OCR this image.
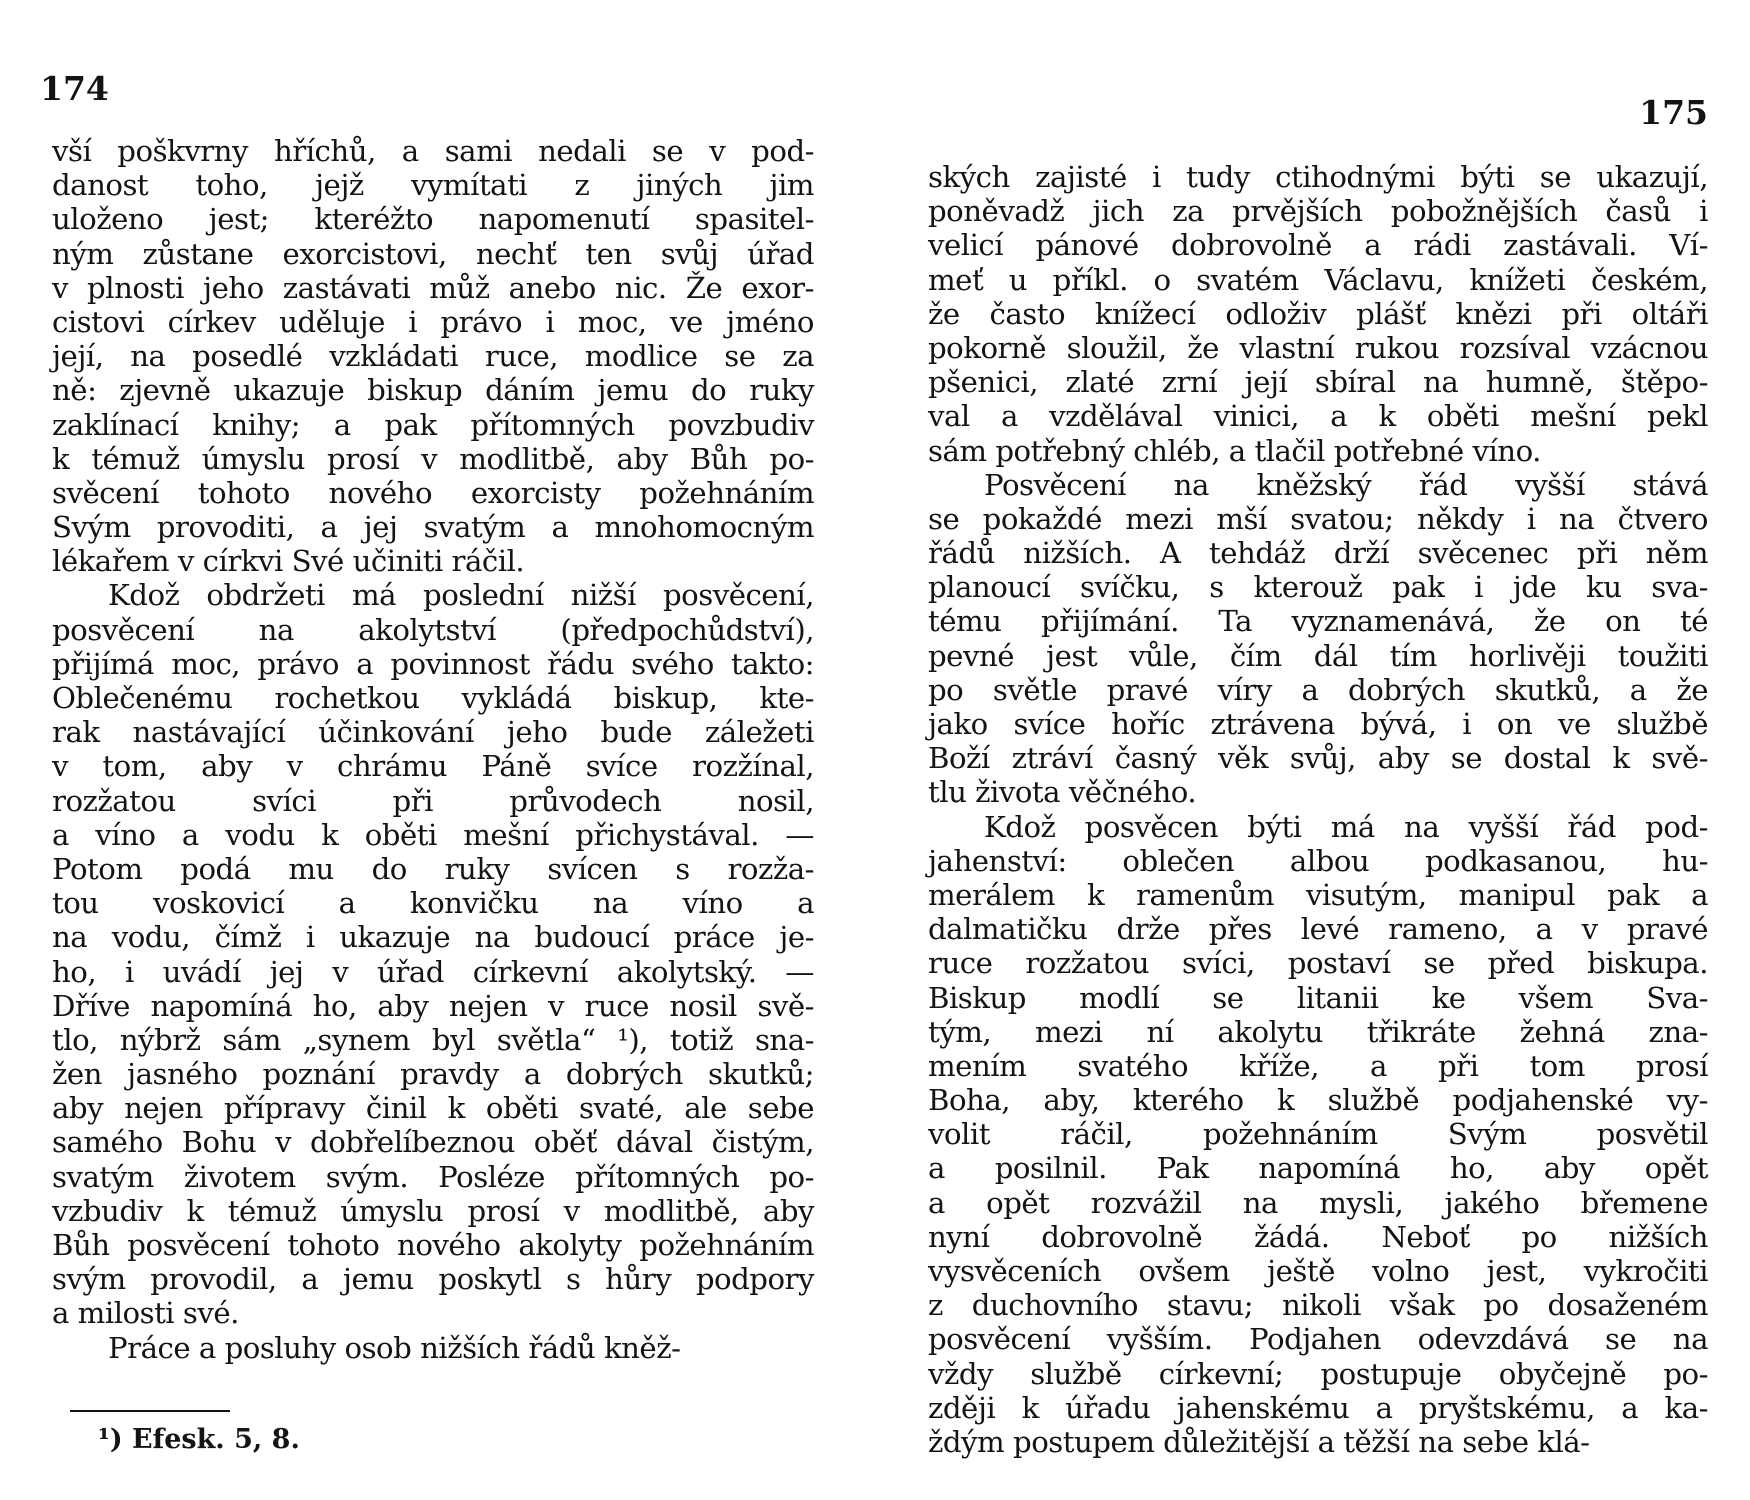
174
175
vší poškvrny hříchů, a sami nedali se v pod-
danost toho, jejž vymítati z jiných jim
uloženo jest; kteréžto napomenutí spasitel-
ným zůstane exorcistovi, nechť ten svůj úřad
v plnosti jeho zastávati můž anebo nic. Že exor-
cistovi církev uděluje i právo i moc, ve jméno
její, na posedlé vzkládati ruce, modlice se za
ně: zjevně ukazuje biskup dáním jemu do ruky
zaklínací knihy; a pak přítomných povzbudiv
k témuž úmyslu prosí v modlitbě, aby Bůh po-
svěcení tohoto nového exorcisty požehnáním
Svým provoditi, a jej svatým a mnohomocným
lékařem v církvi Své učiniti ráčil.
Kdož obdržeti má poslední nižší posvěcení,
posvěcení na akolytství (předpochůdství),
přijímá moc, právo a povinnost řádu svého takto:
Oblečenému rochetkou vykládá biskup, kte-
rak nastávající účinkování jeho bude záležeti
v tom, aby v chrámu Páně svíce rozžínal,
rozžatou svíci při průvodech nosil,
a víno a vodu k oběti mešní přichystával. —
Potom podá mu do ruky svícen s rozža-
tou voskovicí a konvičku na víno a
na vodu, čímž i ukazuje na budoucí práce je-
ho, i uvádí jej v úřad církevní akolytský. —
Dříve napomíná ho, aby nejen v ruce nosil svě-
tlo, nýbrž sám „synem byl světla“ ¹), totiž sna-
žen jasného poznání pravdy a dobrých skutků;
aby nejen přípravy činil k oběti svaté, ale sebe
samého Bohu v dobřelíbeznou oběť dával čistým,
svatým životem svým. Posléze přítomných po-
vzbudiv k témuž úmyslu prosí v modlitbě, aby
Bůh posvěcení tohoto nového akolyty požehnáním
svým provodil, a jemu poskytl s hůry podpory
a milosti své.
Práce a posluhy osob nižších řádů kněž-
ských zajisté i tudy ctihodnými býti se ukazují,
poněvadž jich za prvějších pobožnějších časů i
velicí pánové dobrovolně a rádi zastávali. Ví-
meť u příkl. o svatém Václavu, knížeti českém,
že často knížecí odloživ plášť knězi při oltáři
pokorně sloužil, že vlastní rukou rozsíval vzácnou
pšenici, zlaté zrní její sbíral na humně, štěpo-
val a vzdělával vinici, a k oběti mešní pekl
sám potřebný chléb, a tlačil potřebné víno.
Posvěcení na kněžský řád vyšší stává
se pokaždé mezi mší svatou; někdy i na čtvero
řádů nižších. A tehdáž drží svěcenec při něm
planoucí svíčku, s kterouž pak i jde ku sva-
tému přijímání. Ta vyznamenává, že on té
pevné jest vůle, čím dál tím horlivěji toužiti
po světle pravé víry a dobrých skutků, a že
jako svíce hoříc ztrávena bývá, i on ve službě
Boží ztráví časný věk svůj, aby se dostal k svě-
tlu života věčného.
Kdož posvěcen býti má na vyšší řád pod-
jahenství: oblečen albou podkasanou, hu-
merálem k ramenům visutým, manipul pak a
dalmatičku drže přes levé rameno, a v pravé
ruce rozžatou svíci, postaví se před biskupa.
Biskup modlí se litanii ke všem Sva-
tým, mezi ní akolytu třikráte žehná zna-
mením svatého kříže, a při tom prosí
Boha, aby, kterého k službě podjahenské vy-
volit ráčil, požehnáním Svým posvětil
a posilnil. Pak napomíná ho, aby opět
a opět rozvážil na mysli, jakého břemene
nyní dobrovolně žádá. Neboť po nižších
vysvěceních ovšem ještě volno jest, vykročiti
z duchovního stavu; nikoli však po dosaženém
posvěcení vyšším. Podjahen odevzdává se na
vždy službě církevní; postupuje obyčejně po-
zději k úřadu jahenskému a pryštskému, a ka-
ždým postupem důležitější a těžší na sebe klá-
¹) Efesk. 5, 8.
